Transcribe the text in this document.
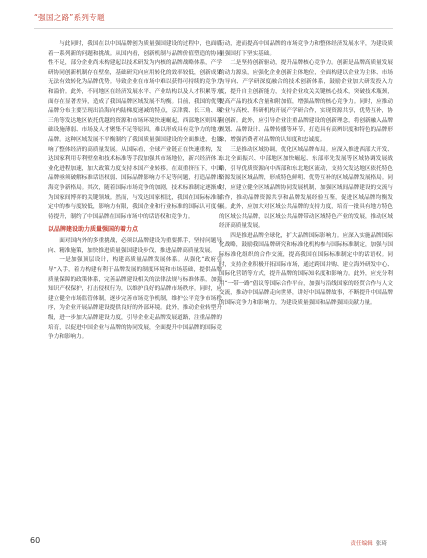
“强国之路”系列专题

与此同时，我国在以中国品牌创为质量强国建设的过程中，也面临着一系列新的问题和挑战。从国内看，创新机制与品牌价值塑造的协同性不足，部分企业尚未构建起以技术研发为内核的品牌战略体系，产学研协同创新机制存在壁垒，基础研究向应用转化的效率较低，创新成果无法有效转化为品牌优势。导致企业在市场中难以获得可持续的竞争力和溢价。此外，不同地区在经济发展水平、产业结构以及人才积累等方面存在显著差异，造成了我国品牌区域发展不均衡。目前，我国的优势品牌分布主要呈现出沿海向内陆梯度递减的特点，京津冀、长三角、珠三角等发达地区依托优越的资源和市场环境快速崛起，西部地区则因基础设施薄弱、市场及人才聚集不足等原因，难以形成具有竞争力的地方品牌。这种区域发展不平衡制约了我国质量强国建设的全面推进，也影响了整体经济的高质量发展。从国际看，全球产业链正在快速重构，发达国家利用专利壁垒和技术标准等手段加强其市场地位，新兴经济体工业化进程加速，加大政策力度支持本国产业转移。在双重挤压下，中国品牌亟须破解标准话语权弱、国际品牌影响力不足等问题，打造品牌出海竞争新格局。其次，随着国际市场竞争的加剧，技术标准制定逐渐成为国家间博弈的关键领域。然而，与发达国家相比，我国在国际标准制定中的参与度较低，影响力有限，我国企业和行业标准的国际认可度有待提升，制约了中国品牌在国际市场中的话语权和竞争力。

以品牌建设助力质量强国的着力点

面对国内外的多重挑战，必须以品牌建设为重要抓手，坚持问题导向、精准施策，加快推进质量强国建设步伐，推进品牌高质量发展。

一是加强顶层设计，构建高质量品牌发展体系。从强化“政府引导”入手，着力构建有利于品牌发展的制度环境和市场基础，提供品牌质量保障的政策体系，完善品牌建设相关的法律法规与标准体系，加强知识产权保护，打击侵权行为，以维护良好的品牌市场秩序。同时，应建立健全市场监管体制，逐步完善市场竞争机制，维护公平竞争市场秩序，为企业开展品牌建设提供良好的外部环境。此外，推动企业转型升级，进一步加大品牌建设力度，引导企业走品牌发展道路，注重品牌的培育，以促进中国企业与品牌的协同发展，全面提升中国品牌的国际竞争力和影响力。

行动，进而提高中国品牌的市场竞争力和整体经济发展水平，为建设质量强国打下坚实基础。

二是坚持创新驱动，提升品牌核心竞争力。创新是品牌高质量发展的动力源泉，应强化企业创新主体地位，全面构建以企业为主体、市场为导向、产学研深度融合的技术创新体系，鼓励企业加大研发投入力度，提升自主创新能力，支持企业攻关关键核心技术，突破技术瓶颈，提高产品的技术含量和附加值，增强品牌的核心竞争力。同时，应推动企业与高校、科研机构开展产学研合作，实现资源共享，优势互补，协同创新。此外，应引导企业注重品牌建设的创新理念，将创新融入品牌规划、品牌设计、品牌传播等环节，打造具有高辨识度和特色的品牌形象，增强消费者对品牌的认知度和忠诚度。

三是推动区域协调，优化区域品牌布局。应深入推进西部大开发、东北全面振兴、中部地区加快崛起、东部率先发展等区域协调发展战略，引导优质资源向中西部和东北地区流动，支持欠发达地区依托特色资源发展区域品牌，形成特色鲜明、优势互补的区域品牌发展格局。同时，应建立健全区域品牌协同发展机制，加强区域间品牌建设的交流与合作，推动品牌资源共享和品牌发展经验互鉴，促进区域品牌均衡发展。此外，应加大对区域公共品牌的支持力度，培育一批具有地方特色的区域公共品牌，以区域公共品牌带动区域特色产业的发展，推动区域经济高质量发展。

四是推进品牌全球化，扩大品牌国际影响力。应深入实施品牌国际化战略，鼓励我国品牌研究和标准化机构参与国际标准制定，加强与国际标准化组织的合作交流，提高我国在国际标准制定中的话语权。同时，支持企业积极开拓国际市场，通过跨国并购、建立海外研发中心、国际化营销等方式，提升品牌的国际知名度和影响力。此外，应充分利用“一带一路”倡议等国际合作平台，加强与沿线国家的经贸合作与人文交流，推动中国品牌走向世界，讲好中国品牌故事，不断提升中国品牌的国际竞争力和影响力，为建设质量强国和品牌强国贡献力量。

60	责任编辑 张琦
